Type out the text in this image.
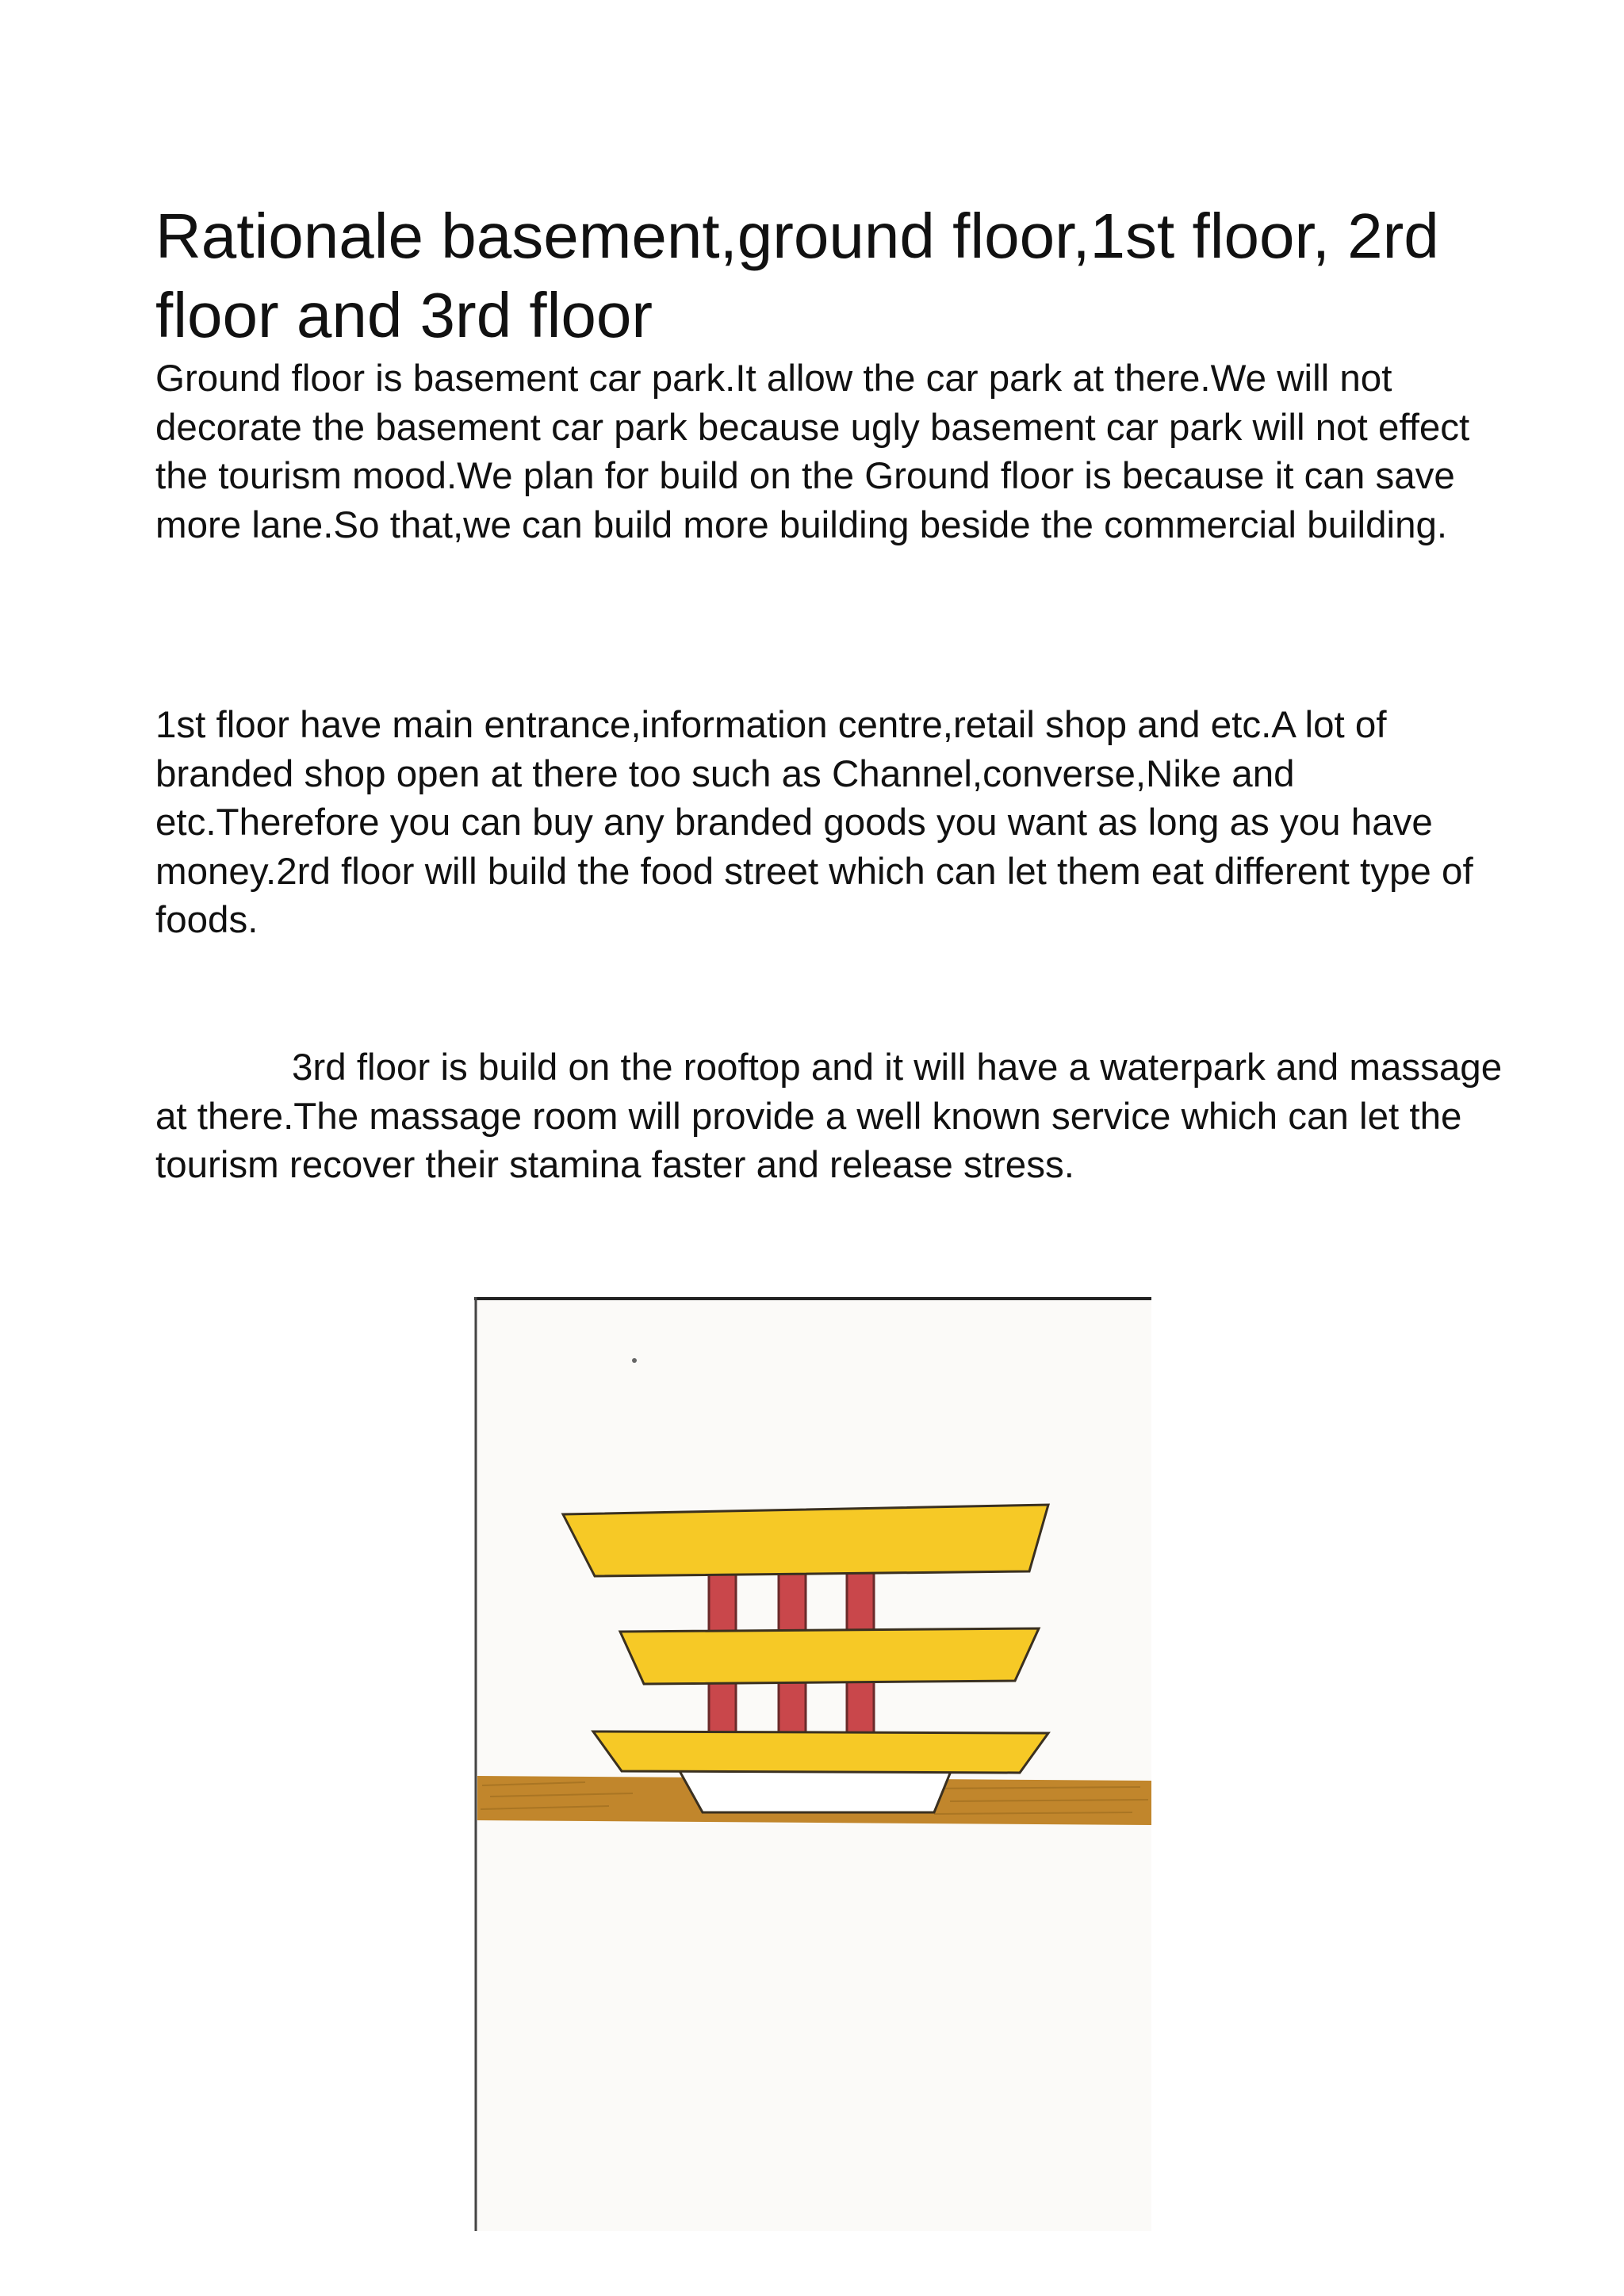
Rationale basement,ground floor,1st floor, 2rd floor and 3rd floor

Ground floor is basement car park.It allow the car park at there.We will not decorate the basement car park because ugly basement car park will not effect the tourism mood.We plan for build on the Ground floor is because it can save more lane.So that,we can build more building beside the commercial building.

1st floor have main entrance,information centre,retail shop and etc.A lot of branded shop open at there too such as Channel,converse,Nike and etc.Therefore you can buy any branded goods you want as long as you have money.2rd floor will build the food street which can let them eat different type of foods.

3rd floor is build on the rooftop and it will have a waterpark and massage at there.The massage room will provide a well known service which can let the tourism recover their stamina faster and release stress.
